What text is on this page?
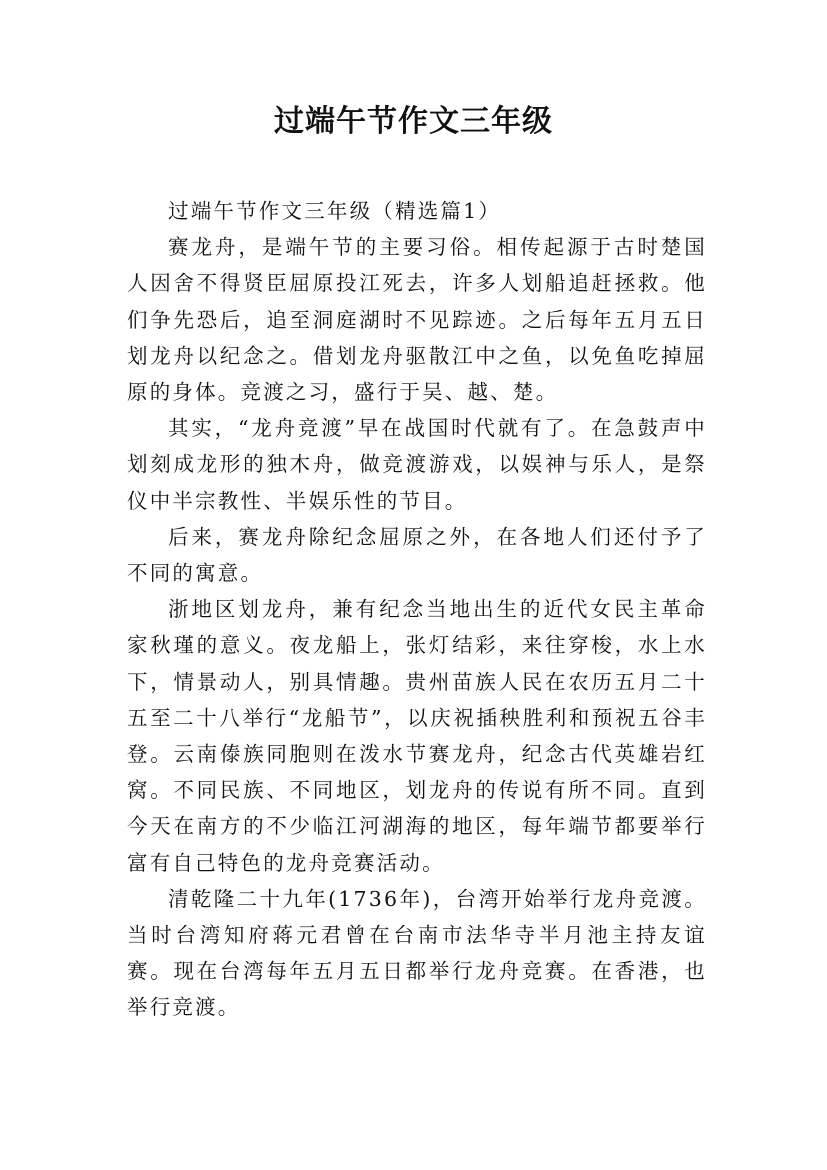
过端午节作文三年级

过端午节作文三年级（精选篇1）

赛龙舟，是端午节的主要习俗。相传起源于古时楚国人因舍不得贤臣屈原投江死去，许多人划船追赶拯救。他们争先恐后，追至洞庭湖时不见踪迹。之后每年五月五日划龙舟以纪念之。借划龙舟驱散江中之鱼，以免鱼吃掉屈原的身体。竞渡之习，盛行于吴、越、楚。

其实，“龙舟竞渡”早在战国时代就有了。在急鼓声中划刻成龙形的独木舟，做竞渡游戏，以娱神与乐人，是祭仪中半宗教性、半娱乐性的节目。

后来，赛龙舟除纪念屈原之外，在各地人们还付予了不同的寓意。

浙地区划龙舟，兼有纪念当地出生的近代女民主革命家秋瑾的意义。夜龙船上，张灯结彩，来往穿梭，水上水下，情景动人，别具情趣。贵州苗族人民在农历五月二十五至二十八举行“龙船节”，以庆祝插秧胜利和预祝五谷丰登。云南傣族同胞则在泼水节赛龙舟，纪念古代英雄岩红窝。不同民族、不同地区，划龙舟的传说有所不同。直到今天在南方的不少临江河湖海的地区，每年端节都要举行富有自己特色的龙舟竞赛活动。

清乾隆二十九年(1736年)，台湾开始举行龙舟竞渡。当时台湾知府蒋元君曾在台南市法华寺半月池主持友谊赛。现在台湾每年五月五日都举行龙舟竞赛。在香港，也举行竞渡。
